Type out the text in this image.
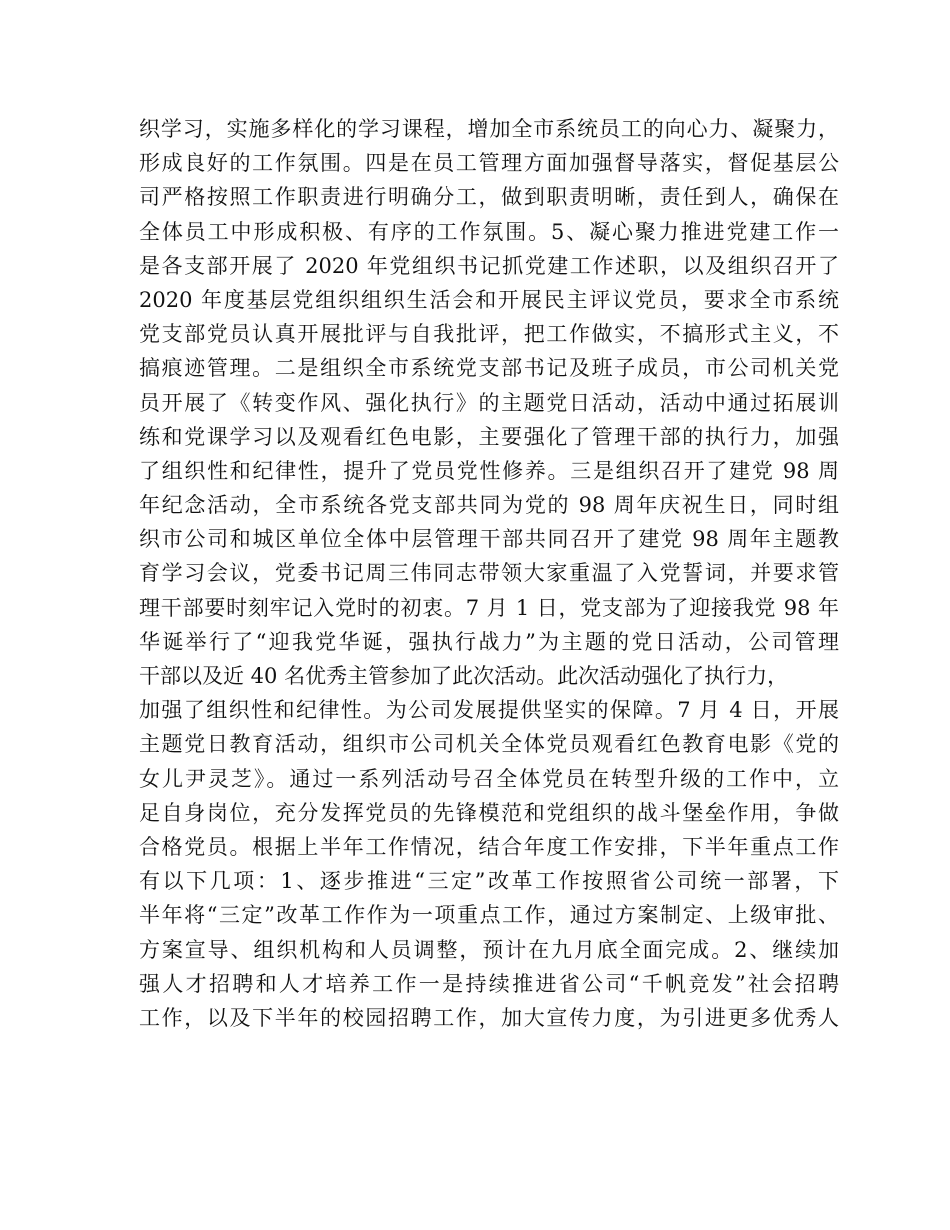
织学习，实施多样化的学习课程，增加全市系统员工的向心力、凝聚力，
形成良好的工作氛围。四是在员工管理方面加强督导落实，督促基层公
司严格按照工作职责进行明确分工，做到职责明晰，责任到人，确保在
全体员工中形成积极、有序的工作氛围。5、凝心聚力推进党建工作一
是各支部开展了 2020 年党组织书记抓党建工作述职，以及组织召开了
2020 年度基层党组织组织生活会和开展民主评议党员，要求全市系统
党支部党员认真开展批评与自我批评，把工作做实，不搞形式主义，不
搞痕迹管理。二是组织全市系统党支部书记及班子成员，市公司机关党
员开展了《转变作风、强化执行》的主题党日活动，活动中通过拓展训
练和党课学习以及观看红色电影，主要强化了管理干部的执行力，加强
了组织性和纪律性，提升了党员党性修养。三是组织召开了建党 98 周
年纪念活动，全市系统各党支部共同为党的 98 周年庆祝生日，同时组
织市公司和城区单位全体中层管理干部共同召开了建党 98 周年主题教
育学习会议，党委书记周三伟同志带领大家重温了入党誓词，并要求管
理干部要时刻牢记入党时的初衷。7 月 1 日，党支部为了迎接我党 98 年
华诞举行了“迎我党华诞，强执行战力”为主题的党日活动，公司管理
干部以及近 40 名优秀主管参加了此次活动。此次活动强化了执行力，
加强了组织性和纪律性。为公司发展提供坚实的保障。7 月 4 日，开展
主题党日教育活动，组织市公司机关全体党员观看红色教育电影《党的
女儿尹灵芝》。通过一系列活动号召全体党员在转型升级的工作中，立
足自身岗位，充分发挥党员的先锋模范和党组织的战斗堡垒作用，争做
合格党员。根据上半年工作情况，结合年度工作安排，下半年重点工作
有以下几项：1、逐步推进“三定”改革工作按照省公司统一部署，下
半年将“三定”改革工作作为一项重点工作，通过方案制定、上级审批、
方案宣导、组织机构和人员调整，预计在九月底全面完成。2、继续加
强人才招聘和人才培养工作一是持续推进省公司“千帆竞发”社会招聘
工作，以及下半年的校园招聘工作，加大宣传力度，为引进更多优秀人
